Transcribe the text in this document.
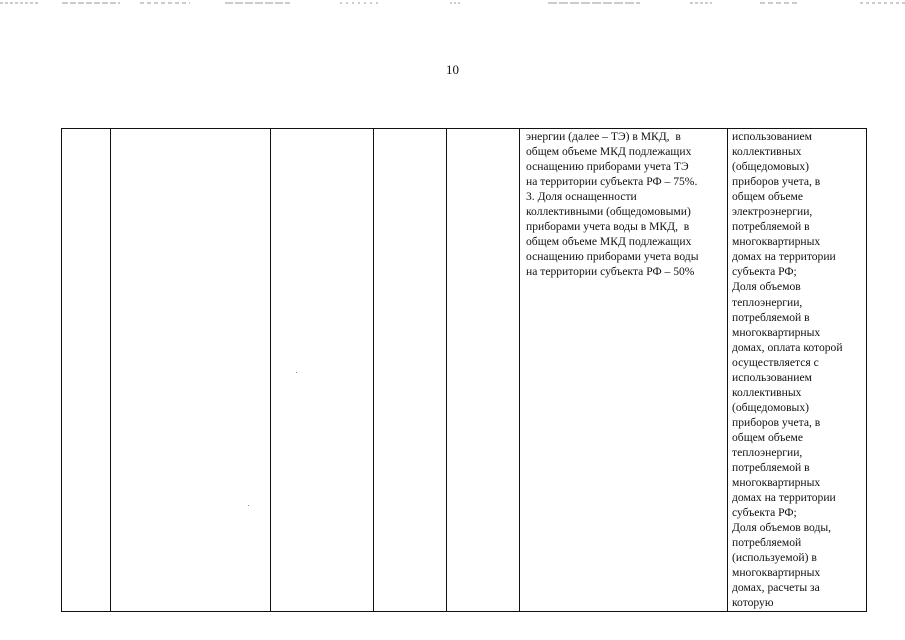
10

энергии (далее – ТЭ) в МКД,  в
общем объеме МКД подлежащих
оснащению приборами учета ТЭ
на территории субъекта РФ – 75%.
3. Доля оснащенности
коллективными (общедомовыми)
приборами учета воды в МКД,  в
общем объеме МКД подлежащих
оснащению приборами учета воды
на территории субъекта РФ – 50%

использованием
коллективных
(общедомовых)
приборов учета, в
общем объеме
электроэнергии,
потребляемой в
многоквартирных
домах на территории
субъекта РФ;
Доля объемов
теплоэнергии,
потребляемой в
многоквартирных
домах, оплата которой
осуществляется с
использованием
коллективных
(общедомовых)
приборов учета, в
общем объеме
теплоэнергии,
потребляемой в
многоквартирных
домах на территории
субъекта РФ;
Доля объемов воды,
потребляемой
(используемой) в
многоквартирных
домах, расчеты за
которую
